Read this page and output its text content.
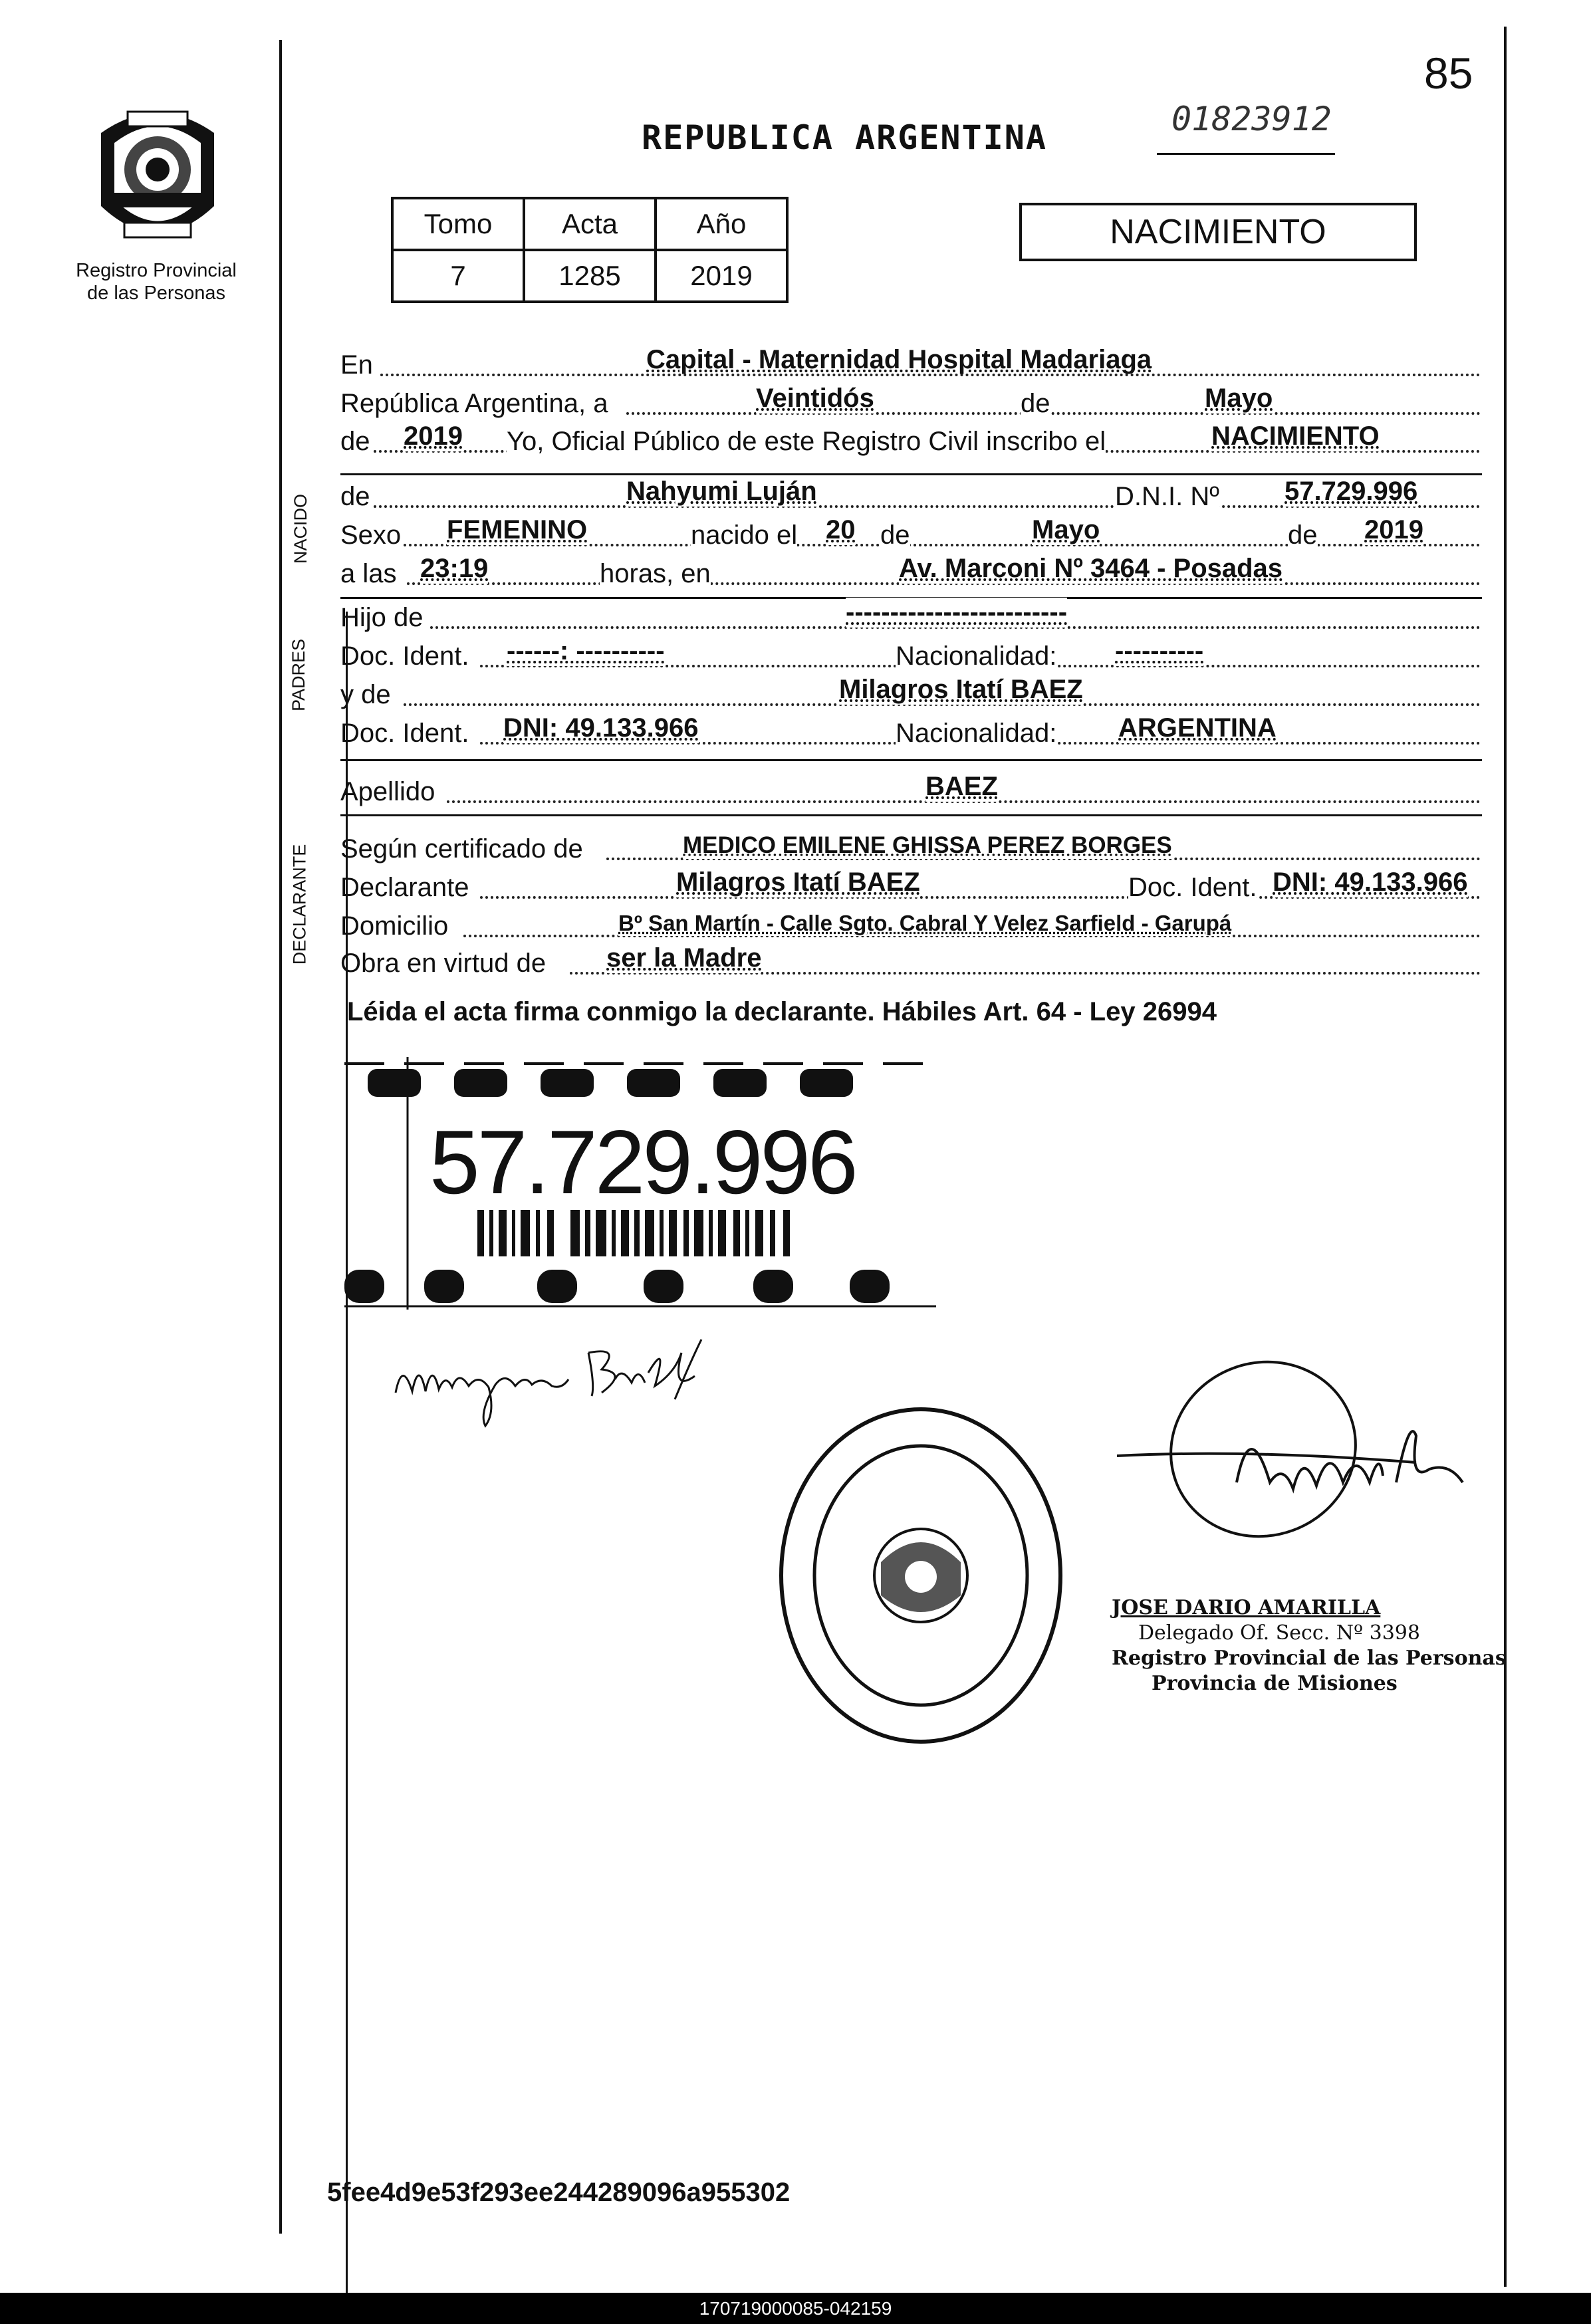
85
Registro Provincial
de las Personas
REPUBLICA ARGENTINA	01823912
Tomo	Acta	Año
7	1285	2019
NACIMIENTO
En	Capital - Maternidad Hospital Madariaga
República Argentina, a	Veintidós	de	Mayo
de 2019 Yo, Oficial Público de este Registro Civil inscribo el	NACIMIENTO
NACIDO de	Nahyumi Luján	D.N.I. Nº 57.729.996
Sexo FEMENINO	nacido el 20 de	Mayo	de 2019
a las 23:19	horas, en	Av. Marconi Nº 3464 - Posadas
PADRES
Hijo de	-------------------------
Doc. Ident. ------: ----------	Nacionalidad: ----------
y de	Milagros Itatí BAEZ
Doc. Ident. DNI: 49.133.966	Nacionalidad: ARGENTINA
Apellido	BAEZ
DECLARANTE Según certificado de	MEDICO EMILENE GHISSA PEREZ BORGES
Declarante	Milagros Itatí BAEZ	Doc. Ident. DNI: 49.133.966
Domicilio	Bº San Martín - Calle Sgto. Cabral Y Velez Sarfield - Garupá
Obra en virtud de ser la Madre
Léida el acta firma conmigo la declarante. Hábiles Art. 64 - Ley 26994
57.729.996
JOSE DARIO AMARILLA
Delegado Of. Secc. Nº 3398
Registro Provincial de las Personas
Provincia de Misiones
5fee4d9e53f293ee244289096a955302
170719000085-042159
